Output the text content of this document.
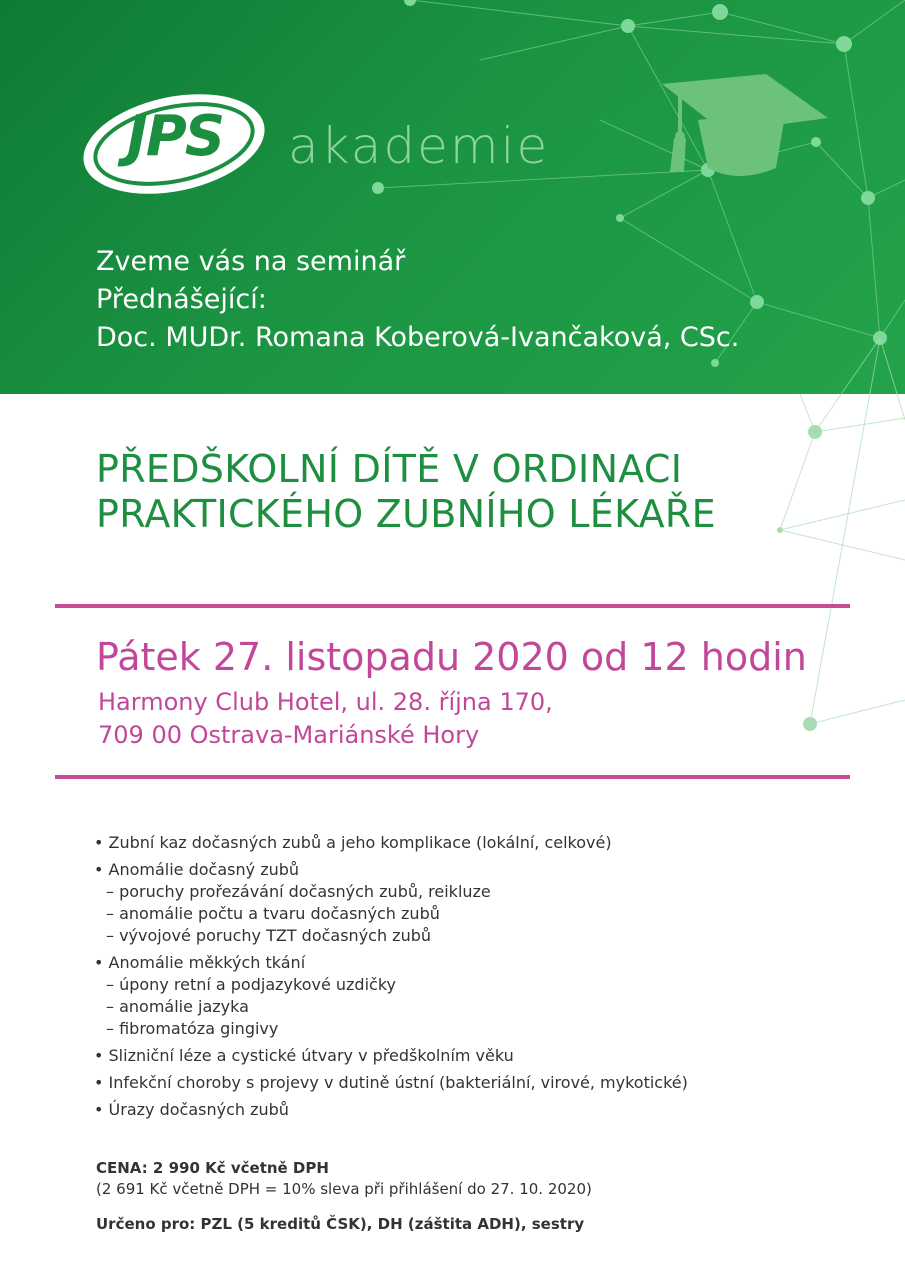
JPS	akademie
Zveme vás na seminář
Přednášející:
Doc. MUDr. Romana Koberová-Ivančaková, CSc.
PŘEDŠKOLNÍ DÍTĚ V ORDINACI
PRAKTICKÉHO ZUBNÍHO LÉKAŘE
Pátek 27. listopadu 2020 od 12 hodin
Harmony Club Hotel, ul. 28. října 170,
709 00 Ostrava-Mariánské Hory
• Zubní kaz dočasných zubů a jeho komplikace (lokální, celkové)
• Anomálie dočasný zubů
– poruchy prořezávání dočasných zubů, reikluze
– anomálie počtu a tvaru dočasných zubů
– vývojové poruchy TZT dočasných zubů
• Anomálie měkkých tkání
– úpony retní a podjazykové uzdičky
– anomálie jazyka
– fibromatóza gingivy
• Slizniční léze a cystické útvary v předškolním věku
• Infekční choroby s projevy v dutině ústní (bakteriální, virové, mykotické)
• Úrazy dočasných zubů
CENA: 2 990 Kč včetně DPH
(2 691 Kč včetně DPH = 10% sleva při přihlášení do 27. 10. 2020)
Určeno pro: PZL (5 kreditů ČSK), DH (záštita ADH), sestry
